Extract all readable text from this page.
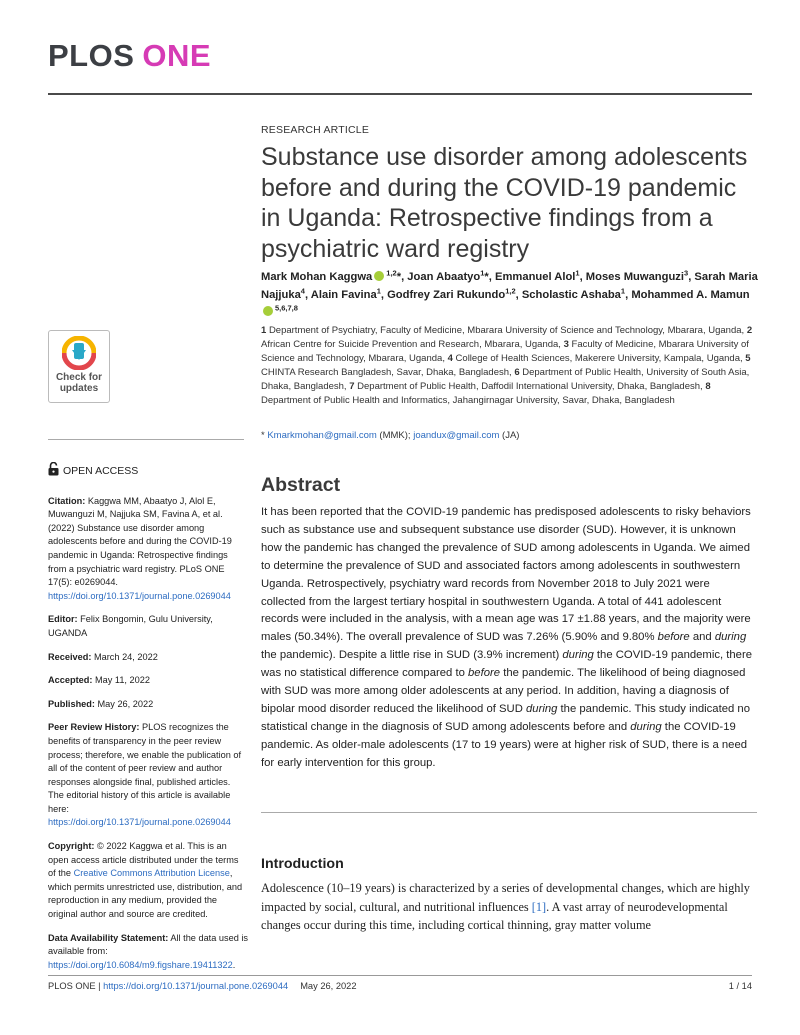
PLOS ONE
Check for
updates
RESEARCH ARTICLE
Substance use disorder among adolescents before and during the COVID-19 pandemic in Uganda: Retrospective findings from a psychiatric ward registry
Mark Mohan Kaggwa $^{1,2}$*, Joan Abaatyo$^1$*, Emmanuel Alol$^1$, Moses Muwanguzi$^3$, Sarah Maria Najjuka$^4$, Alain Favina$^1$, Godfrey Zari Rukundo$^{1,2}$, Scholastic Ashaba$^1$, Mohammed A. Mamun$^{5,6,7,8}$
1 Department of Psychiatry, Faculty of Medicine, Mbarara University of Science and Technology, Mbarara, Uganda, 2 African Centre for Suicide Prevention and Research, Mbarara, Uganda, 3 Faculty of Medicine, Mbarara University of Science and Technology, Mbarara, Uganda, 4 College of Health Sciences, Makerere University, Kampala, Uganda, 5 CHINTA Research Bangladesh, Savar, Dhaka, Bangladesh, 6 Department of Public Health, University of South Asia, Dhaka, Bangladesh, 7 Department of Public Health, Daffodil International University, Dhaka, Bangladesh, 8 Department of Public Health and Informatics, Jahangirnagar University, Savar, Dhaka, Bangladesh
* Kmarkmohan@gmail.com (MMK); joandux@gmail.com (JA)
OPEN ACCESS

Citation: Kaggwa MM, Abaatyo J, Alol E, Muwanguzi M, Najjuka SM, Favina A, et al. (2022) Substance use disorder among adolescents before and during the COVID-19 pandemic in Uganda: Retrospective findings from a psychiatric ward registry. PLoS ONE 17(5): e0269044. https://doi.org/10.1371/journal.pone.0269044

Editor: Felix Bongomin, Gulu University, UGANDA

Received: March 24, 2022

Accepted: May 11, 2022

Published: May 26, 2022

Peer Review History: PLOS recognizes the benefits of transparency in the peer review process; therefore, we enable the publication of all of the content of peer review and author responses alongside final, published articles. The editorial history of this article is available here: https://doi.org/10.1371/journal.pone.0269044

Copyright: © 2022 Kaggwa et al. This is an open access article distributed under the terms of the Creative Commons Attribution License, which permits unrestricted use, distribution, and reproduction in any medium, provided the original author and source are credited.

Data Availability Statement: All the data used is available from: https://doi.org/10.6084/m9.figshare.19411322.

Abstract
It has been reported that the COVID-19 pandemic has predisposed adolescents to risky behaviors such as substance use and subsequent substance use disorder (SUD). However, it is unknown how the pandemic has changed the prevalence of SUD among adolescents in Uganda. We aimed to determine the prevalence of SUD and associated factors among adolescents in southwestern Uganda. Retrospectively, psychiatry ward records from November 2018 to July 2021 were collected from the largest tertiary hospital in southwestern Uganda. A total of 441 adolescent records were included in the analysis, with a mean age was 17 ±1.88 years, and the majority were males (50.34%). The overall prevalence of SUD was 7.26% (5.90% and 9.80% before and during the pandemic). Despite a little rise in SUD (3.9% increment) during the COVID-19 pandemic, there was no statistical difference compared to before the pandemic. The likelihood of being diagnosed with SUD was more among older adolescents at any period. In addition, having a diagnosis of bipolar mood disorder reduced the likelihood of SUD during the pandemic. This study indicated no statistical change in the diagnosis of SUD among adolescents before and during the COVID-19 pandemic. As older-male adolescents (17 to 19 years) were at higher risk of SUD, there is a need for early intervention for this group.
Introduction
Adolescence (10–19 years) is characterized by a series of developmental changes, which are highly impacted by social, cultural, and nutritional influences [1]. A vast array of neurodevelopmental changes occur during this time, including cortical thinning, gray matter volume
PLOS ONE | https://doi.org/10.1371/journal.pone.0269044 May 26, 2022	1 / 14
